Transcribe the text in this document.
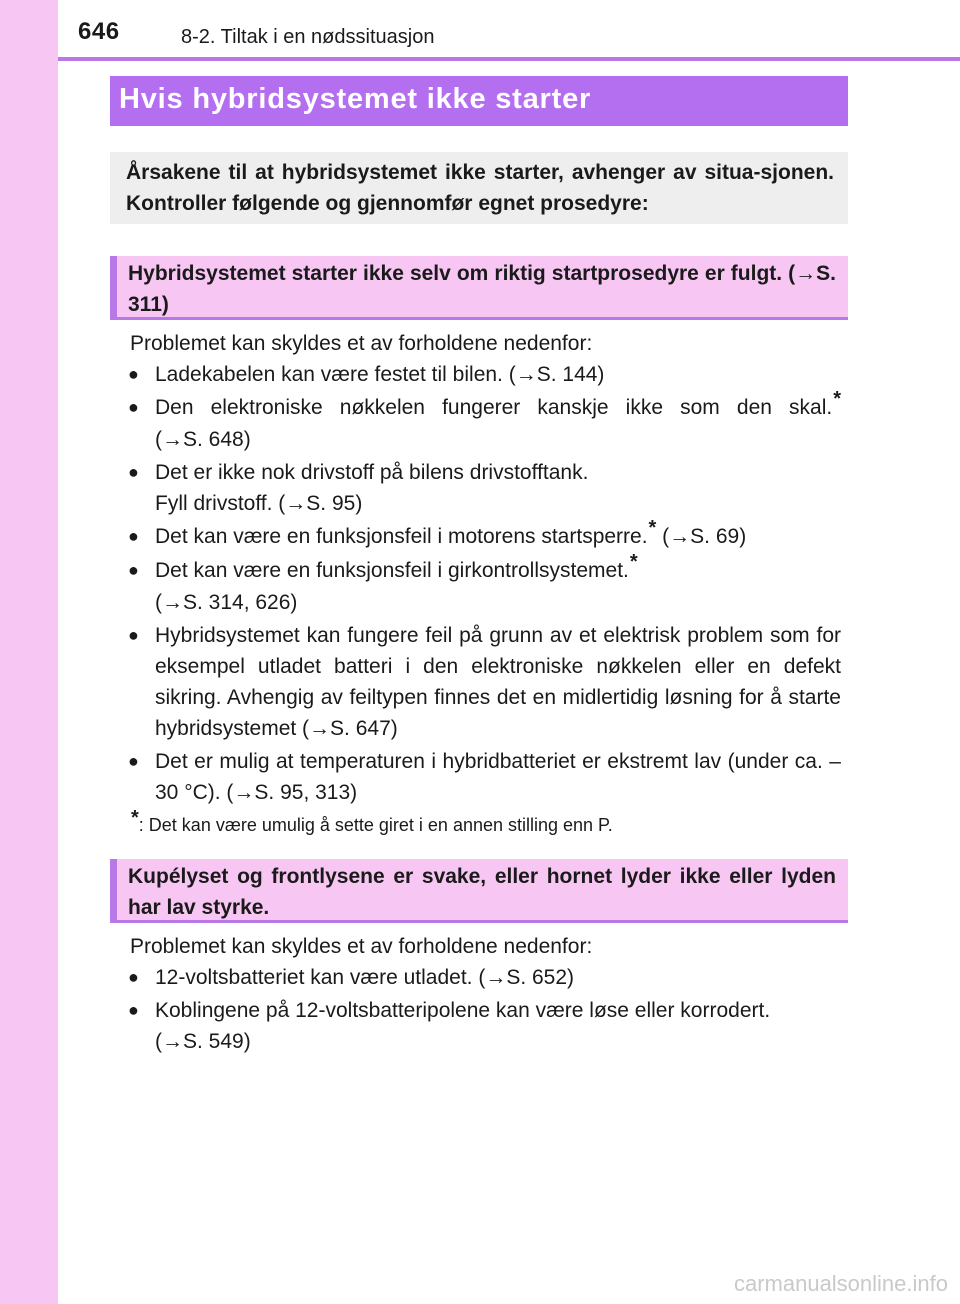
646	8-2. Tiltak i en nødssituasjon
Hvis hybridsystemet ikke starter
Årsakene til at hybridsystemet ikke starter, avhenger av situa-sjonen. Kontroller følgende og gjennomfør egnet prosedyre:
Hybridsystemet starter ikke selv om riktig startprosedyre er fulgt. (→S. 311)
Problemet kan skyldes et av forholdene nedenfor:
● Ladekabelen kan være festet til bilen. (→S. 144)
● Den elektroniske nøkkelen fungerer kanskje ikke som den skal.*
(→S. 648)
● Det er ikke nok drivstoff på bilens drivstofftank.
Fyll drivstoff. (→S. 95)
● Det kan være en funksjonsfeil i motorens startsperre.* (→S. 69)
● Det kan være en funksjonsfeil i girkontrollsystemet.*
(→S. 314, 626)
● Hybridsystemet kan fungere feil på grunn av et elektrisk problem som for eksempel utladet batteri i den elektroniske nøkkelen eller en defekt sikring. Avhengig av feiltypen finnes det en midlertidig løsning for å starte hybridsystemet (→S. 647)
● Det er mulig at temperaturen i hybridbatteriet er ekstremt lav (under ca. –30 °C). (→S. 95, 313)
*: Det kan være umulig å sette giret i en annen stilling enn P.
Kupélyset og frontlysene er svake, eller hornet lyder ikke eller lyden har lav styrke.
Problemet kan skyldes et av forholdene nedenfor:
● 12-voltsbatteriet kan være utladet. (→S. 652)
● Koblingene på 12-voltsbatteripolene kan være løse eller korrodert.
(→S. 549)
carmanualsonline.info
